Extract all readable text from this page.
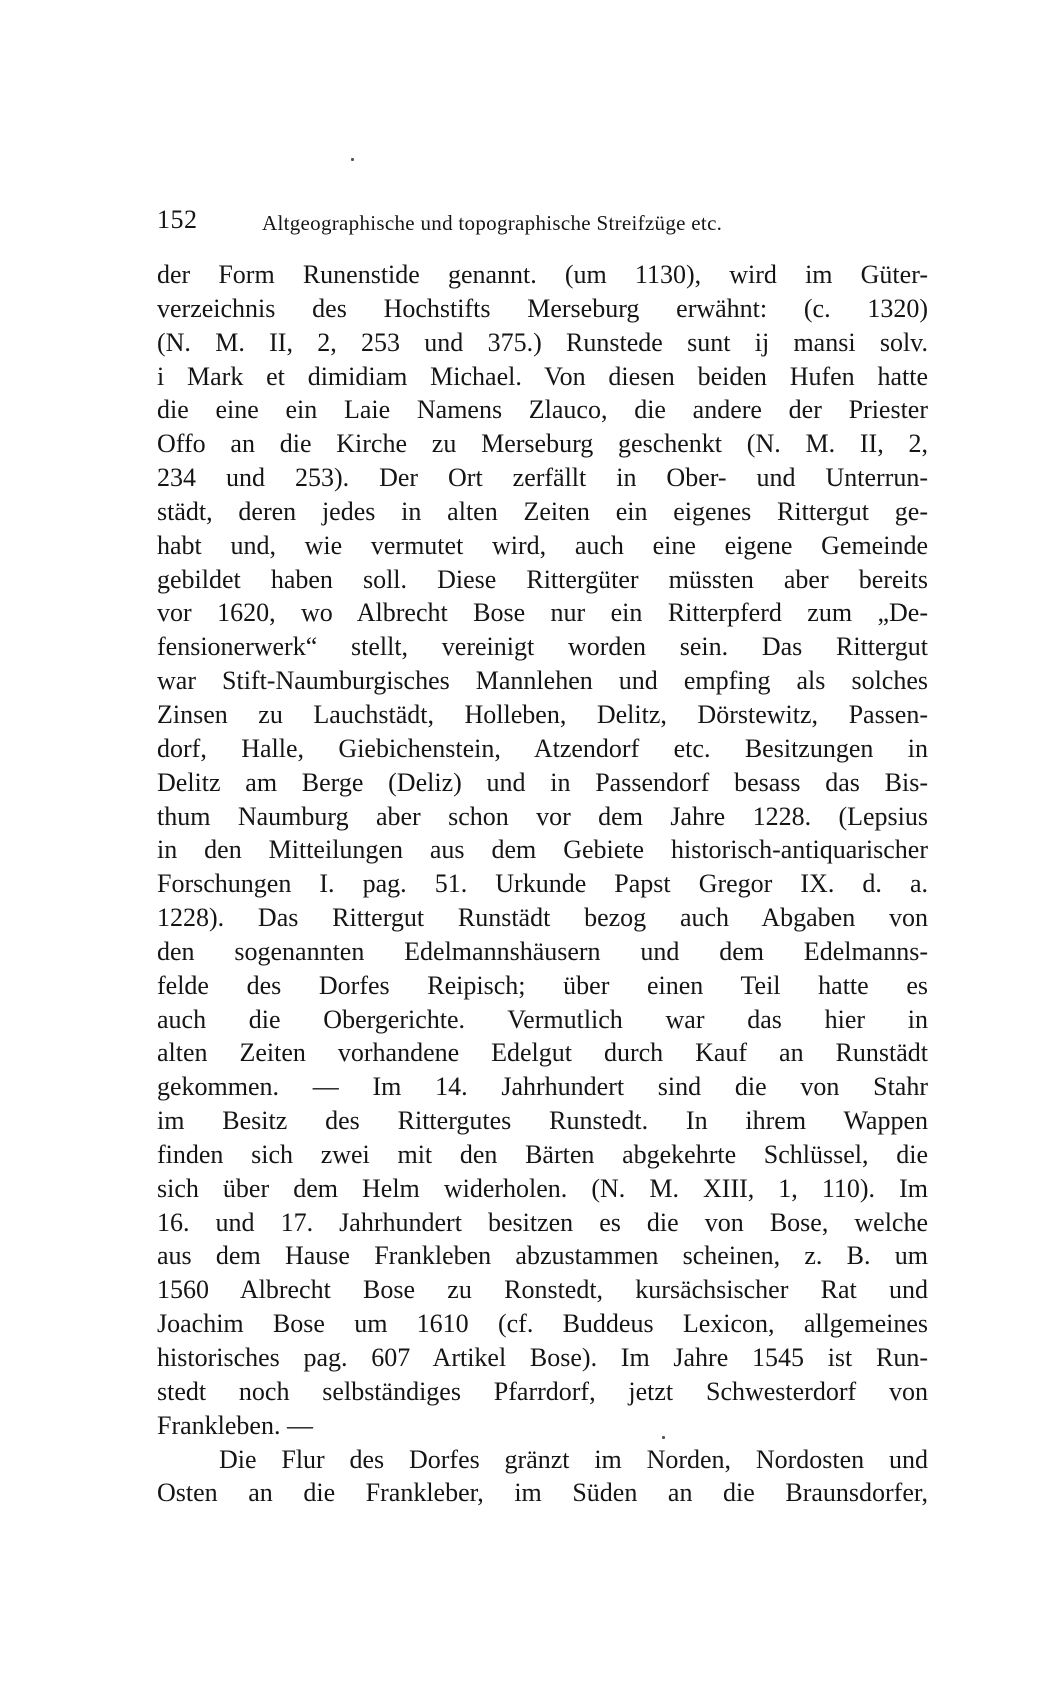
152	Altgeographische und topographische Streifzüge etc.
der Form Runenstide genannt. (um 1130), wird im Güter-
verzeichnis des Hochstifts Merseburg erwähnt: (c. 1320)
(N. M. II, 2, 253 und 375.) Runstede sunt ij mansi solv.
i Mark et dimidiam Michael. Von diesen beiden Hufen hatte
die eine ein Laie Namens Zlauco, die andere der Priester
Offo an die Kirche zu Merseburg geschenkt (N. M. II, 2,
234 und 253). Der Ort zerfällt in Ober- und Unterrun-
städt, deren jedes in alten Zeiten ein eigenes Rittergut ge-
habt und, wie vermutet wird, auch eine eigene Gemeinde
gebildet haben soll. Diese Rittergüter müssten aber bereits
vor 1620, wo Albrecht Bose nur ein Ritterpferd zum „De-
fensionerwerk“ stellt, vereinigt worden sein. Das Rittergut
war Stift-Naumburgisches Mannlehen und empfing als solches
Zinsen zu Lauchstädt, Holleben, Delitz, Dörstewitz, Passen-
dorf, Halle, Giebichenstein, Atzendorf etc. Besitzungen in
Delitz am Berge (Deliz) und in Passendorf besass das Bis-
thum Naumburg aber schon vor dem Jahre 1228. (Lepsius
in den Mitteilungen aus dem Gebiete historisch-antiquarischer
Forschungen I. pag. 51. Urkunde Papst Gregor IX. d. a.
1228). Das Rittergut Runstädt bezog auch Abgaben von
den sogenannten Edelmannshäusern und dem Edelmanns-
felde des Dorfes Reipisch; über einen Teil hatte es
auch die Obergerichte. Vermutlich war das hier in
alten Zeiten vorhandene Edelgut durch Kauf an Runstädt
gekommen. — Im 14. Jahrhundert sind die von Stahr
im Besitz des Rittergutes Runstedt. In ihrem Wappen
finden sich zwei mit den Bärten abgekehrte Schlüssel, die
sich über dem Helm widerholen. (N. M. XIII, 1, 110). Im
16. und 17. Jahrhundert besitzen es die von Bose, welche
aus dem Hause Frankleben abzustammen scheinen, z. B. um
1560 Albrecht Bose zu Ronstedt, kursächsischer Rat und
Joachim Bose um 1610 (cf. Buddeus Lexicon, allgemeines
historisches pag. 607 Artikel Bose). Im Jahre 1545 ist Run-
stedt noch selbständiges Pfarrdorf, jetzt Schwesterdorf von
Frankleben. —
Die Flur des Dorfes gränzt im Norden, Nordosten und
Osten an die Frankleber, im Süden an die Braunsdorfer,
